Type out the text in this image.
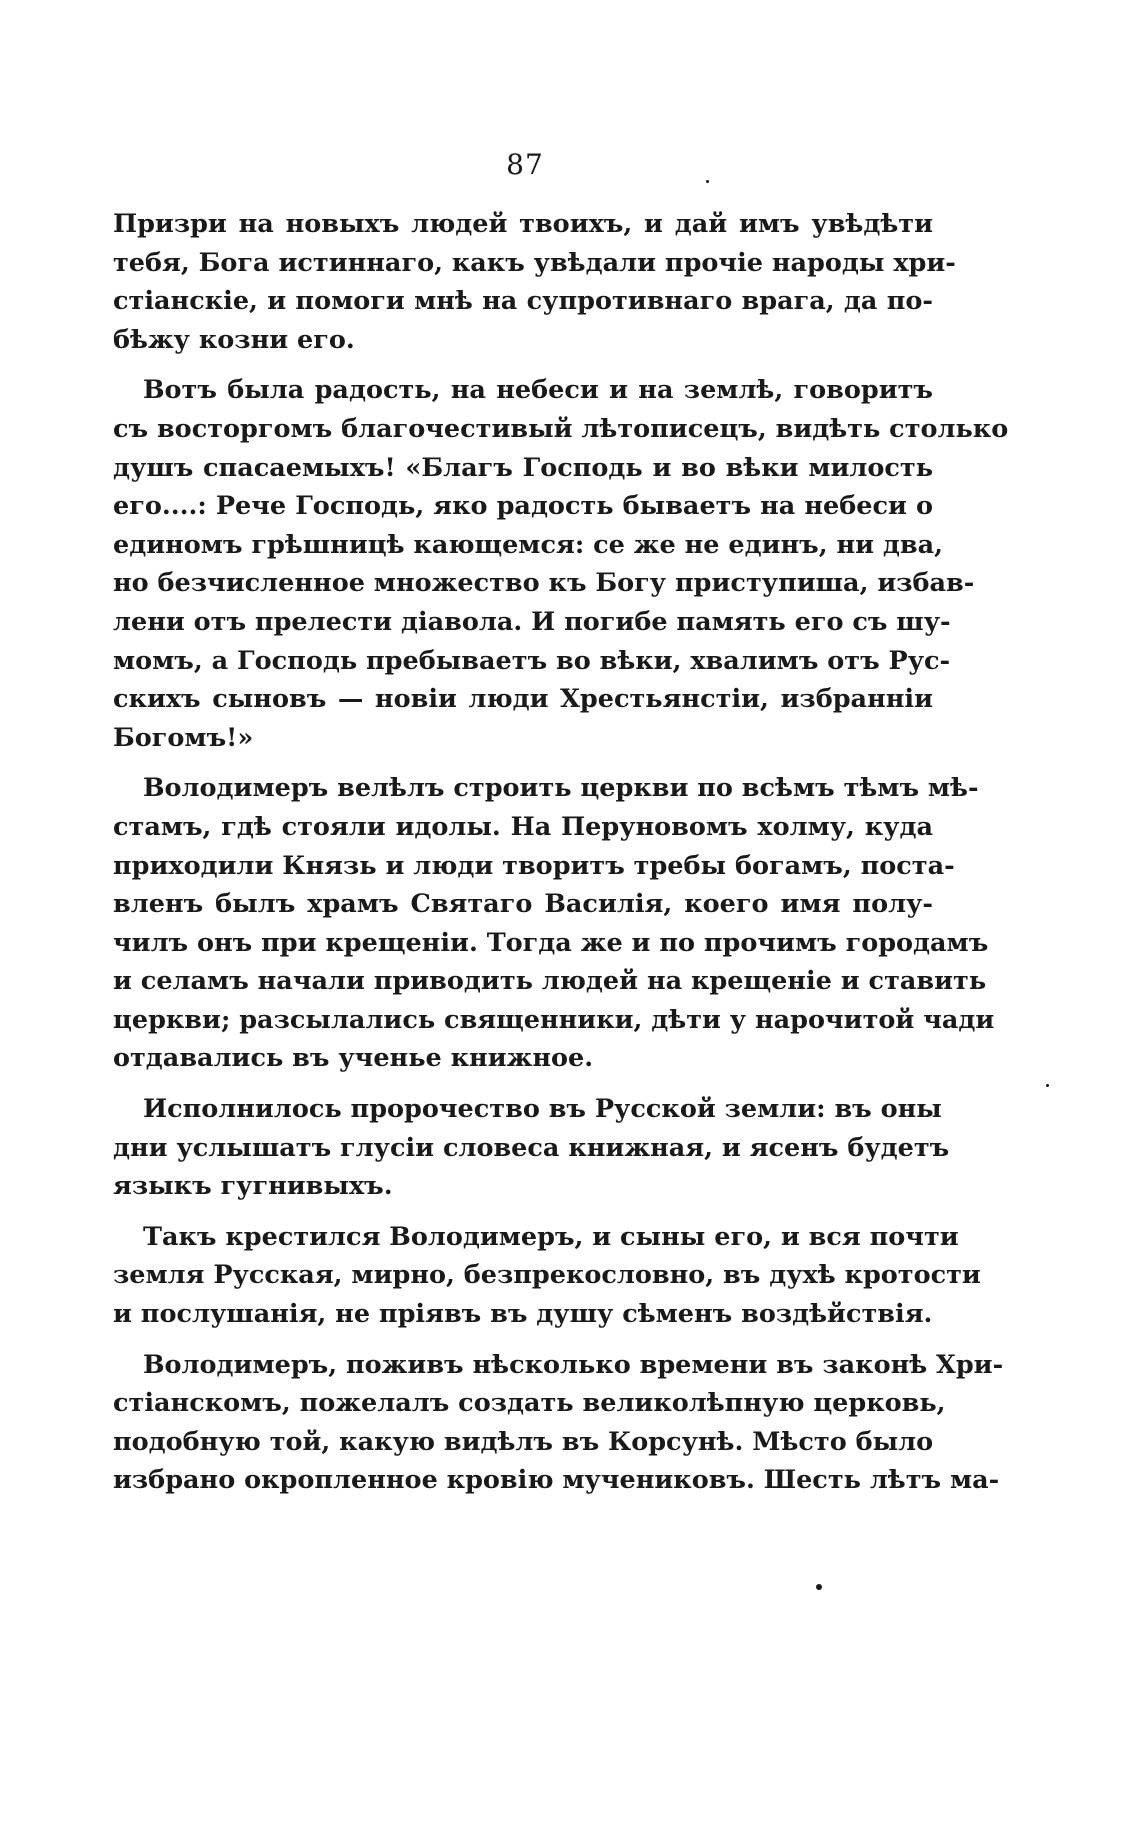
87
Призри на новыхъ людей твоихъ, и дай имъ увѣдѣти
тебя, Бога истиннаго, какъ увѣдали прочіе народы хри-
стіанскіе, и помоги мнѣ на супротивнаго врага, да по-
бѣжу козни его.
Вотъ была радость, на небеси и на землѣ, говоритъ
съ восторгомъ благочестивый лѣтописецъ, видѣть столько
душъ спасаемыхъ! «Благъ Господь и во вѣки милость
его....: Рече Господь, яко радость бываетъ на небеси о
единомъ грѣшницѣ кающемся: се же не единъ, ни два,
но безчисленное множество къ Богу приступиша, избав-
лени отъ прелести діавола. И погибе память его съ шу-
момъ, а Господь пребываетъ во вѣки, хвалимъ отъ Рус-
скихъ сыновъ — новіи люди Хрестьянстіи, избранніи
Богомъ!»
Володимеръ велѣлъ строить церкви по всѣмъ тѣмъ мѣ-
стамъ, гдѣ стояли идолы. На Перуновомъ холму, куда
приходили Князь и люди творитъ требы богамъ, поста-
вленъ былъ храмъ Святаго Василія, коего имя полу-
чилъ онъ при крещеніи. Тогда же и по прочимъ городамъ
и селамъ начали приводить людей на крещеніе и ставить
церкви; разсылались священники, дѣти у нарочитой чади
отдавались въ ученье книжное.
Исполнилось пророчество въ Русской земли: въ оны
дни услышатъ глусіи словеса книжная, и ясенъ будетъ
языкъ гугнивыхъ.
Такъ крестился Володимеръ, и сыны его, и вся почти
земля Русская, мирно, безпрекословно, въ духѣ кротости
и послушанія, не пріявъ въ душу сѣменъ воздѣйствія.
Володимеръ, поживъ нѣсколько времени въ законѣ Хри-
стіанскомъ, пожелалъ создать великолѣпную церковь,
подобную той, какую видѣлъ въ Корсунѣ. Мѣсто было
избрано окропленное кровію мучениковъ. Шесть лѣтъ ма-
